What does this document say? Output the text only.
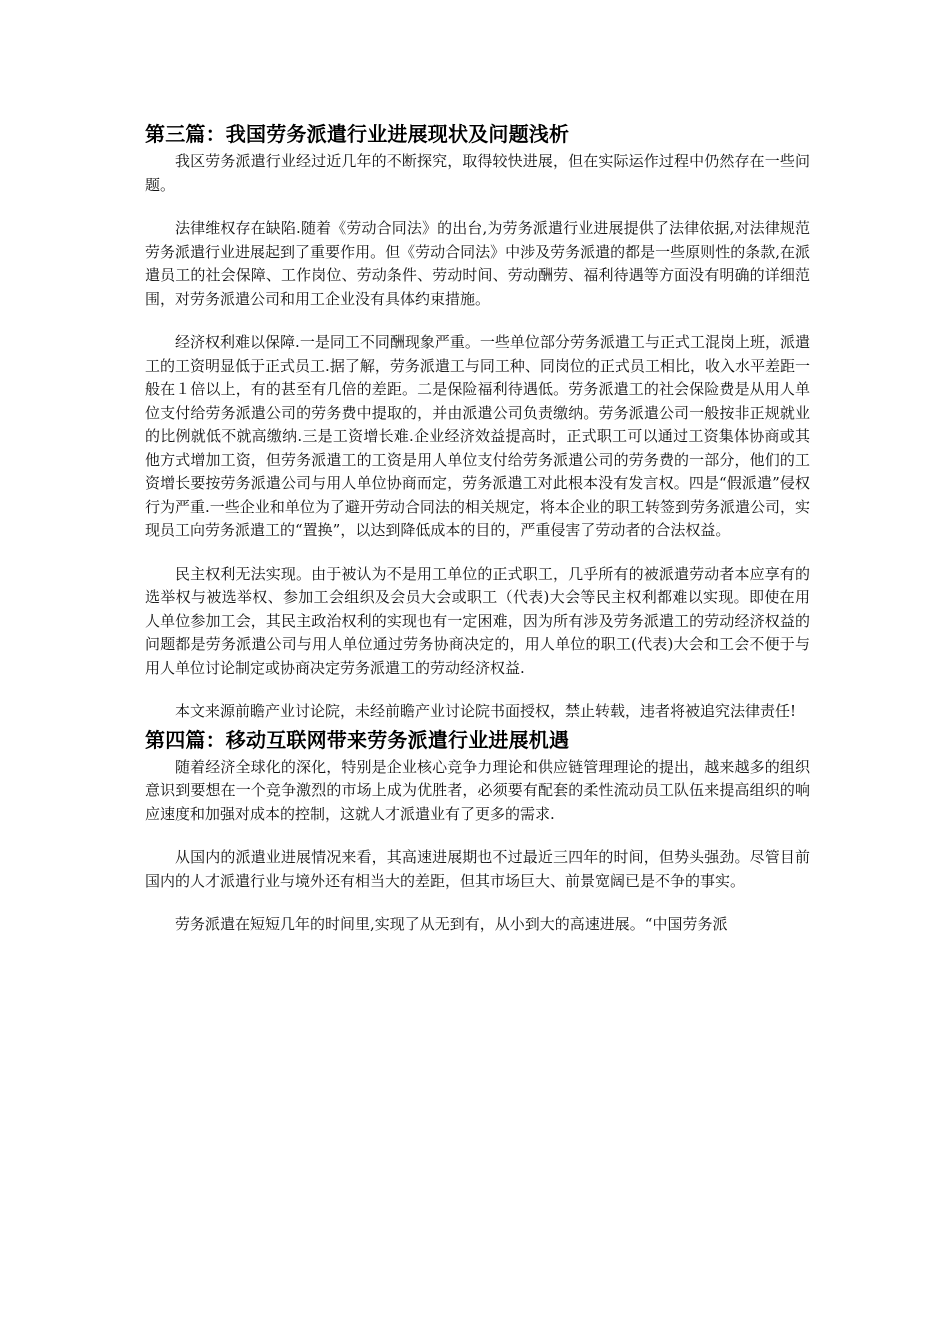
第三篇：我国劳务派遣行业进展现状及问题浅析

我区劳务派遣行业经过近几年的不断探究，取得较快进展，但在实际运作过程中仍然存在一些问题。

法律维权存在缺陷.随着《劳动合同法》的出台,为劳务派遣行业进展提供了法律依据,对法律规范劳务派遣行业进展起到了重要作用。但《劳动合同法》中涉及劳务派遣的都是一些原则性的条款,在派遣员工的社会保障、工作岗位、劳动条件、劳动时间、劳动酬劳、福利待遇等方面没有明确的详细范围，对劳务派遣公司和用工企业没有具体约束措施。

经济权利难以保障.一是同工不同酬现象严重。一些单位部分劳务派遣工与正式工混岗上班，派遣工的工资明显低于正式员工.据了解，劳务派遣工与同工种、同岗位的正式员工相比，收入水平差距一般在１倍以上，有的甚至有几倍的差距。二是保险福利待遇低。劳务派遣工的社会保险费是从用人单位支付给劳务派遣公司的劳务费中提取的，并由派遣公司负责缴纳。劳务派遣公司一般按非正规就业的比例就低不就高缴纳.三是工资增长难.企业经济效益提高时，正式职工可以通过工资集体协商或其他方式增加工资，但劳务派遣工的工资是用人单位支付给劳务派遣公司的劳务费的一部分，他们的工资增长要按劳务派遣公司与用人单位协商而定，劳务派遣工对此根本没有发言权。四是“假派遣”侵权行为严重.一些企业和单位为了避开劳动合同法的相关规定，将本企业的职工转签到劳务派遣公司，实现员工向劳务派遣工的“置换”，以达到降低成本的目的，严重侵害了劳动者的合法权益。

民主权利无法实现。由于被认为不是用工单位的正式职工，几乎所有的被派遣劳动者本应享有的选举权与被选举权、参加工会组织及会员大会或职工（代表)大会等民主权利都难以实现。即使在用人单位参加工会，其民主政治权利的实现也有一定困难，因为所有涉及劳务派遣工的劳动经济权益的问题都是劳务派遣公司与用人单位通过劳务协商决定的，用人单位的职工(代表)大会和工会不便于与用人单位讨论制定或协商决定劳务派遣工的劳动经济权益.

本文来源前瞻产业讨论院，未经前瞻产业讨论院书面授权，禁止转载，违者将被追究法律责任!

第四篇：移动互联网带来劳务派遣行业进展机遇

随着经济全球化的深化，特别是企业核心竞争力理论和供应链管理理论的提出，越来越多的组织意识到要想在一个竞争激烈的市场上成为优胜者，必须要有配套的柔性流动员工队伍来提高组织的响应速度和加强对成本的控制，这就人才派遣业有了更多的需求.

从国内的派遣业进展情况来看，其高速进展期也不过最近三四年的时间，但势头强劲。尽管目前国内的人才派遣行业与境外还有相当大的差距，但其市场巨大、前景宽阔已是不争的事实。

劳务派遣在短短几年的时间里,实现了从无到有，从小到大的高速进展。“中国劳务派
